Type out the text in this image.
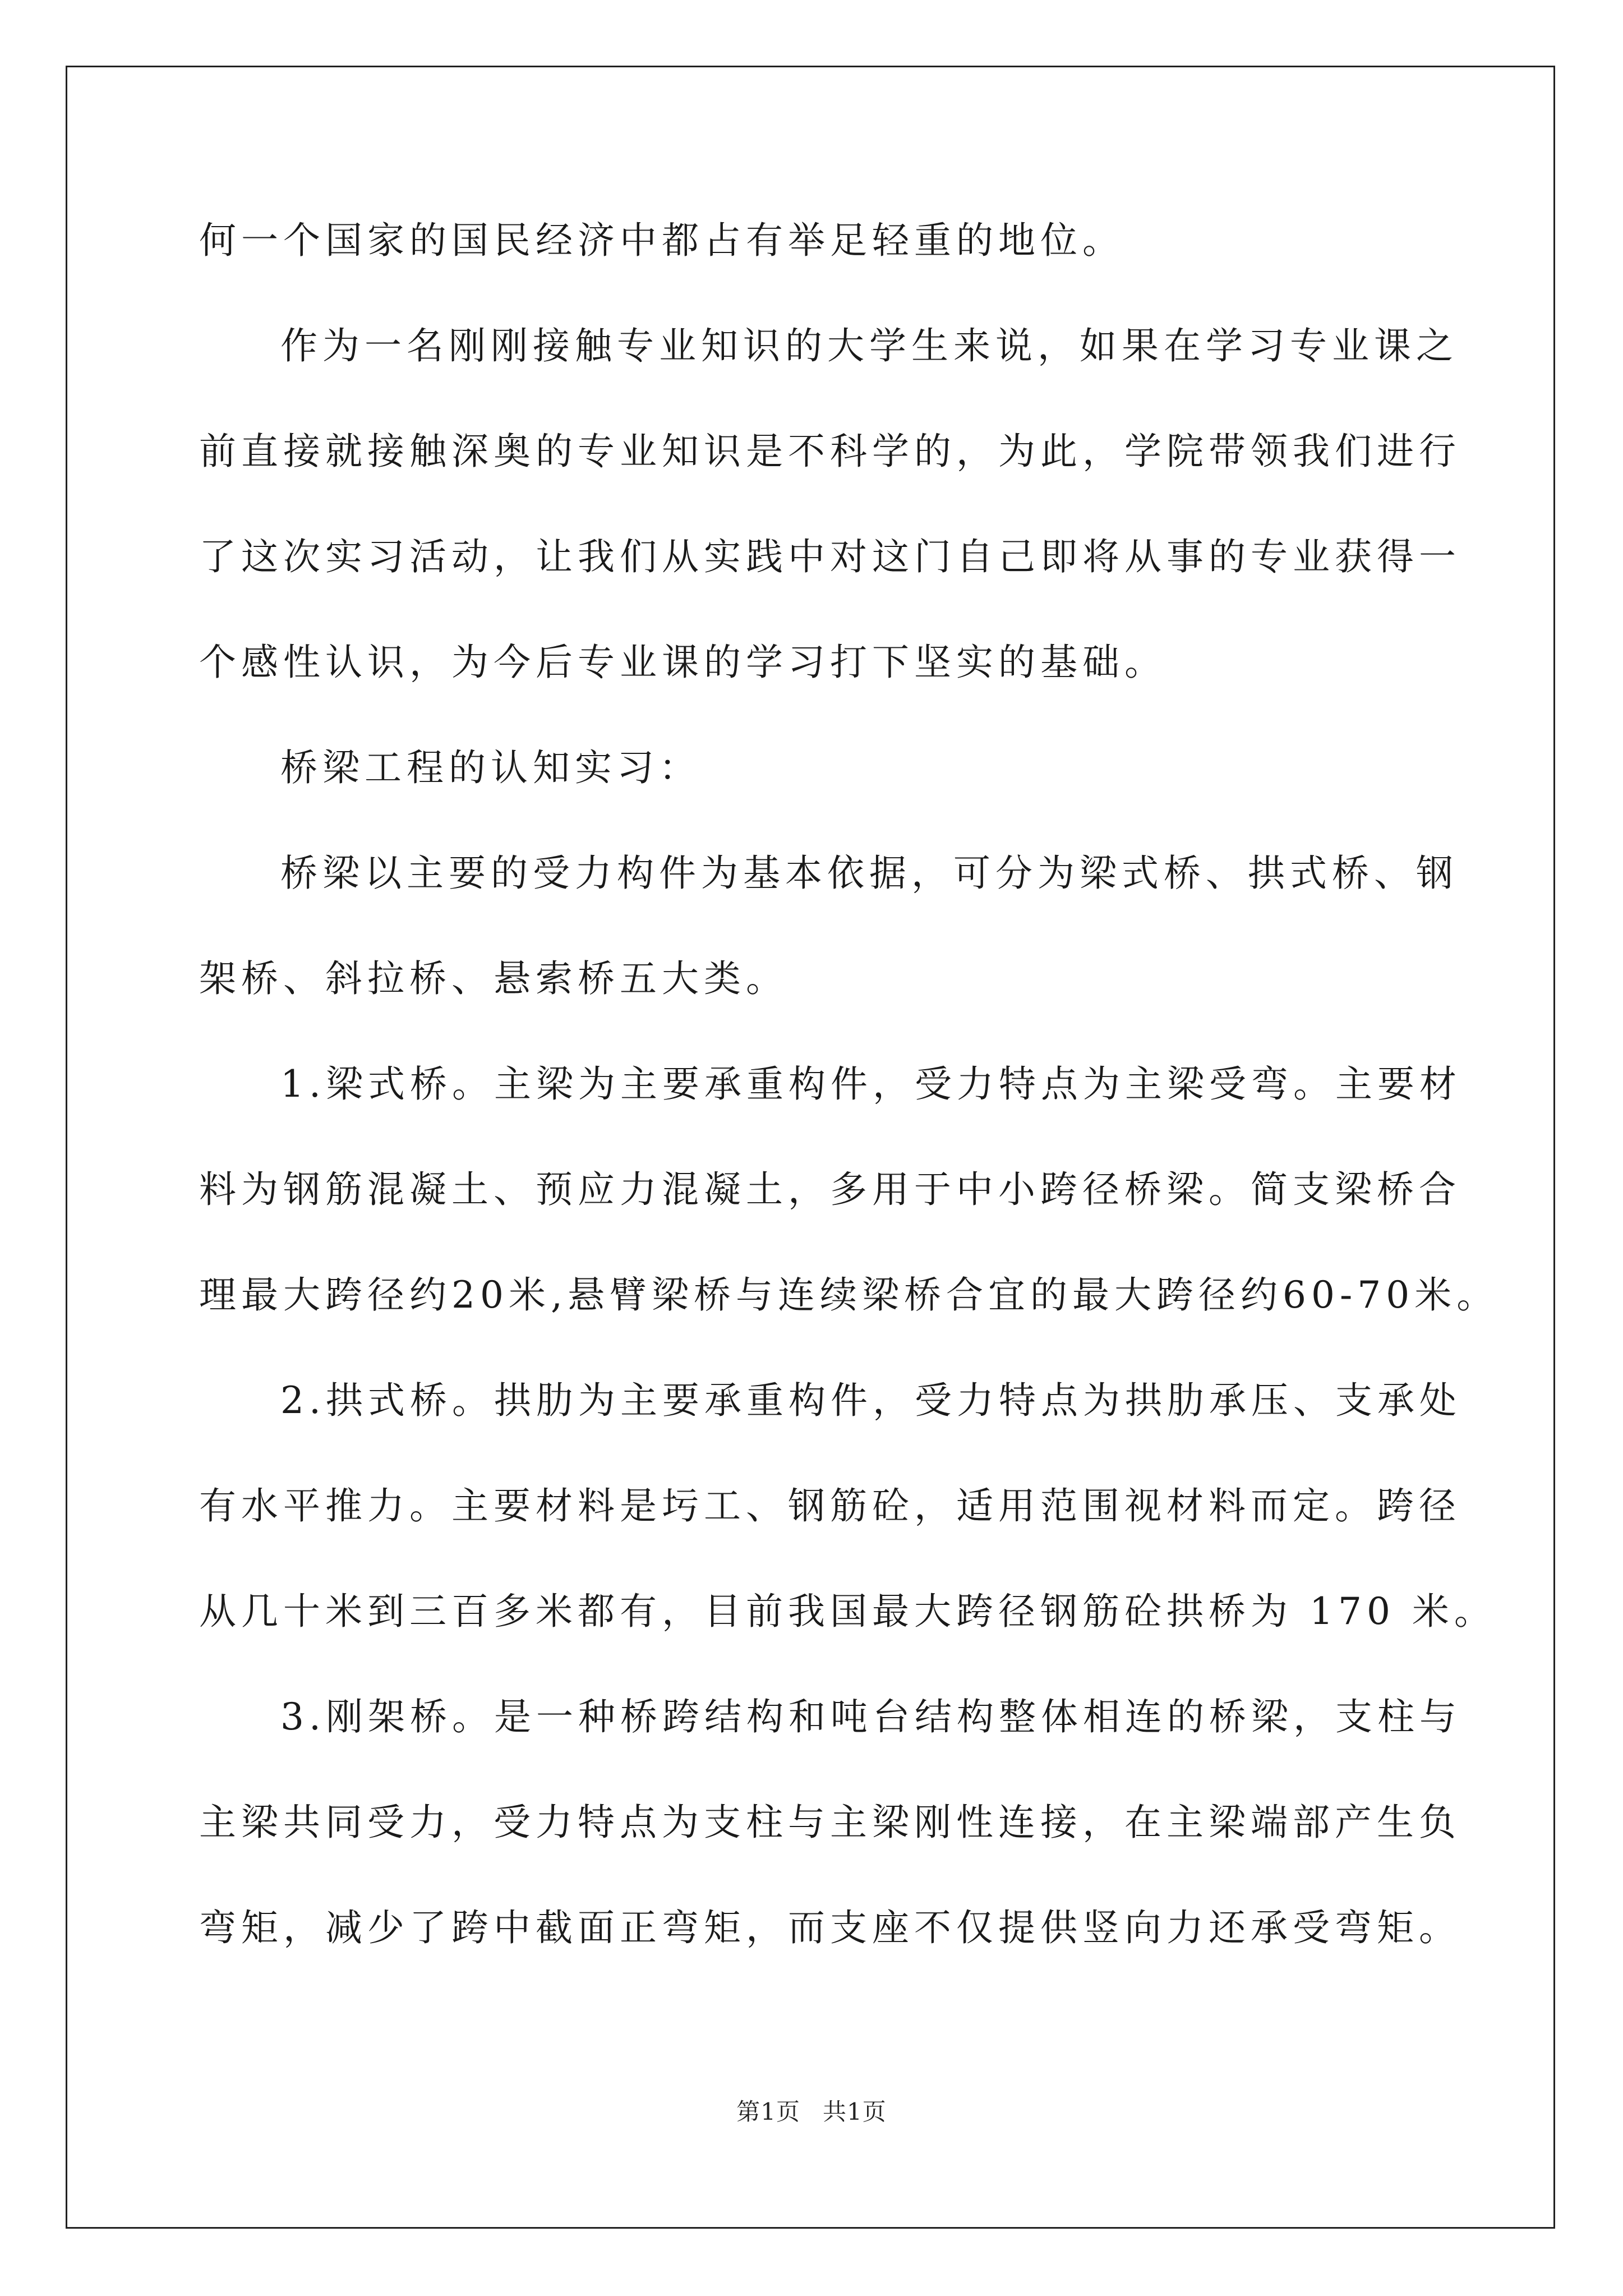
何一个国家的国民经济中都占有举足轻重的地位。
作为一名刚刚接触专业知识的大学生来说，如果在学习专业课之
前直接就接触深奥的专业知识是不科学的，为此，学院带领我们进行
了这次实习活动，让我们从实践中对这门自己即将从事的专业获得一
个感性认识，为今后专业课的学习打下坚实的基础。
桥梁工程的认知实习：
桥梁以主要的受力构件为基本依据，可分为梁式桥、拱式桥、钢
架桥、斜拉桥、悬索桥五大类。
1.梁式桥。主梁为主要承重构件，受力特点为主梁受弯。主要材
料为钢筋混凝土、预应力混凝土，多用于中小跨径桥梁。简支梁桥合
理最大跨径约20米,悬臂梁桥与连续梁桥合宜的最大跨径约60-70米。
2.拱式桥。拱肋为主要承重构件，受力特点为拱肋承压、支承处
有水平推力。主要材料是圬工、钢筋砼，适用范围视材料而定。跨径
从几十米到三百多米都有，目前我国最大跨径钢筋砼拱桥为 170 米。
3.刚架桥。是一种桥跨结构和吨台结构整体相连的桥梁，支柱与
主梁共同受力，受力特点为支柱与主梁刚性连接，在主梁端部产生负
弯矩，减少了跨中截面正弯矩，而支座不仅提供竖向力还承受弯矩。
第1页 共1页
